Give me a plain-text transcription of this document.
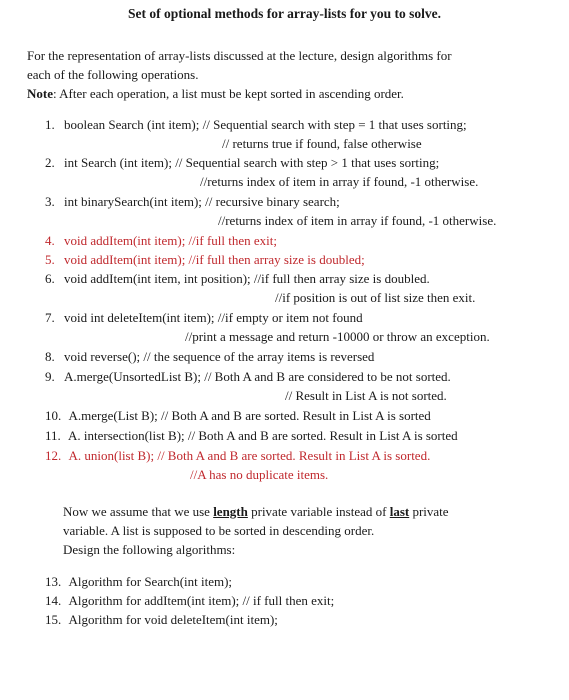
Set of optional methods for array-lists for you to solve.
For the representation of array-lists discussed at the lecture, design algorithms for
each of the following operations.
Note: After each operation, a list must be kept sorted in ascending order.
1. boolean Search (int item); // Sequential search with step = 1 that uses sorting;
// returns true if found, false otherwise
2. int Search (int item); // Sequential search with step > 1 that uses sorting;
//returns index of item in array if found, -1 otherwise.
3. int binarySearch(int item); // recursive binary search;
//returns index of item in array if found, -1 otherwise.
4. void addItem(int item); //if full then exit;
5. void addItem(int item); //if full then array size is doubled;
6. void addItem(int item, int position); //if full then array size is doubled.
//if position is out of list size then exit.
7. void int deleteItem(int item); //if empty or item not found
//print a message and return -10000 or throw an exception.
8. void reverse(); // the sequence of the array items is reversed
9. A.merge(UnsortedList B); // Both A and B are considered to be not sorted.
// Result in List A is not sorted.
10. A.merge(List B); // Both A and B are sorted. Result in List A is sorted
11. A. intersection(list B); // Both A and B are sorted. Result in List A is sorted
12. A. union(list B); // Both A and B are sorted. Result in List A is sorted.
//A has no duplicate items.
Now we assume that we use length private variable instead of last private
variable. A list is supposed to be sorted in descending order.
Design the following algorithms:
13. Algorithm for Search(int item);
14. Algorithm for addItem(int item); // if full then exit;
15. Algorithm for void deleteItem(int item);
